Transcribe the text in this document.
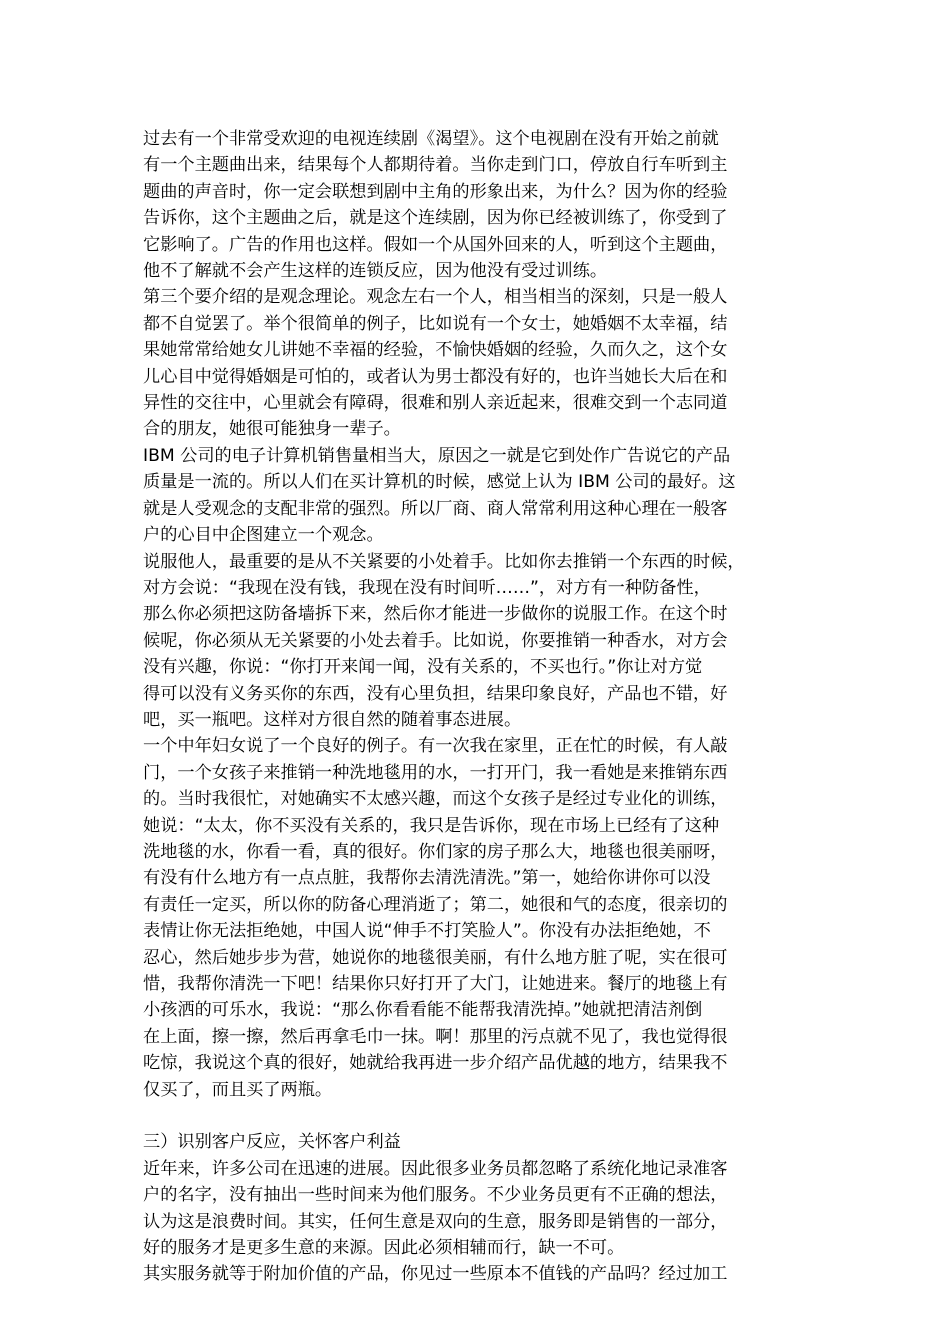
过去有一个非常受欢迎的电视连续剧《渴望》。这个电视剧在没有开始之前就

有一个主题曲出来，结果每个人都期待着。当你走到门口，停放自行车听到主

题曲的声音时，你一定会联想到剧中主角的形象出来，为什么？因为你的经验

告诉你，这个主题曲之后，就是这个连续剧，因为你已经被训练了，你受到了

它影响了。广告的作用也这样。假如一个从国外回来的人，听到这个主题曲，

他不了解就不会产生这样的连锁反应，因为他没有受过训练。

第三个要介绍的是观念理论。观念左右一个人，相当相当的深刻，只是一般人

都不自觉罢了。举个很简单的例子，比如说有一个女士，她婚姻不太幸福，结

果她常常给她女儿讲她不幸福的经验，不愉快婚姻的经验，久而久之，这个女

儿心目中觉得婚姻是可怕的，或者认为男士都没有好的，也许当她长大后在和

异性的交往中，心里就会有障碍，很难和别人亲近起来，很难交到一个志同道

合的朋友，她很可能独身一辈子。

IBM 公司的电子计算机销售量相当大，原因之一就是它到处作广告说它的产品

质量是一流的。所以人们在买计算机的时候，感觉上认为 IBM 公司的最好。这

就是人受观念的支配非常的强烈。所以厂商、商人常常利用这种心理在一般客

户的心目中企图建立一个观念。

说服他人，最重要的是从不关紧要的小处着手。比如你去推销一个东西的时候，

对方会说：“我现在没有钱，我现在没有时间听……”，对方有一种防备性，

那么你必须把这防备墙拆下来，然后你才能进一步做你的说服工作。在这个时

候呢，你必须从无关紧要的小处去着手。比如说，你要推销一种香水，对方会

没有兴趣，你说：“你打开来闻一闻，没有关系的，不买也行。”你让对方觉

得可以没有义务买你的东西，没有心里负担，结果印象良好，产品也不错，好

吧，买一瓶吧。这样对方很自然的随着事态进展。

一个中年妇女说了一个良好的例子。有一次我在家里，正在忙的时候，有人敲

门，一个女孩子来推销一种洗地毯用的水，一打开门，我一看她是来推销东西

的。当时我很忙，对她确实不太感兴趣，而这个女孩子是经过专业化的训练，

她说：“太太，你不买没有关系的，我只是告诉你，现在市场上已经有了这种

洗地毯的水，你看一看，真的很好。你们家的房子那么大，地毯也很美丽呀，

有没有什么地方有一点点脏，我帮你去清洗清洗。”第一，她给你讲你可以没

有责任一定买，所以你的防备心理消逝了；第二，她很和气的态度，很亲切的

表情让你无法拒绝她，中国人说“伸手不打笑脸人”。你没有办法拒绝她，不

忍心，然后她步步为营，她说你的地毯很美丽，有什么地方脏了呢，实在很可

惜，我帮你清洗一下吧！结果你只好打开了大门，让她进来。餐厅的地毯上有

小孩洒的可乐水，我说：“那么你看看能不能帮我清洗掉。”她就把清洁剂倒

在上面，擦一擦，然后再拿毛巾一抹。啊！那里的污点就不见了，我也觉得很

吃惊，我说这个真的很好，她就给我再进一步介绍产品优越的地方，结果我不

仅买了，而且买了两瓶。

三）识别客户反应，关怀客户利益

近年来，许多公司在迅速的进展。因此很多业务员都忽略了系统化地记录准客

户的名字，没有抽出一些时间来为他们服务。不少业务员更有不正确的想法，

认为这是浪费时间。其实，任何生意是双向的生意，服务即是销售的一部分，

好的服务才是更多生意的来源。因此必须相辅而行，缺一不可。

其实服务就等于附加价值的产品，你见过一些原本不值钱的产品吗？经过加工
